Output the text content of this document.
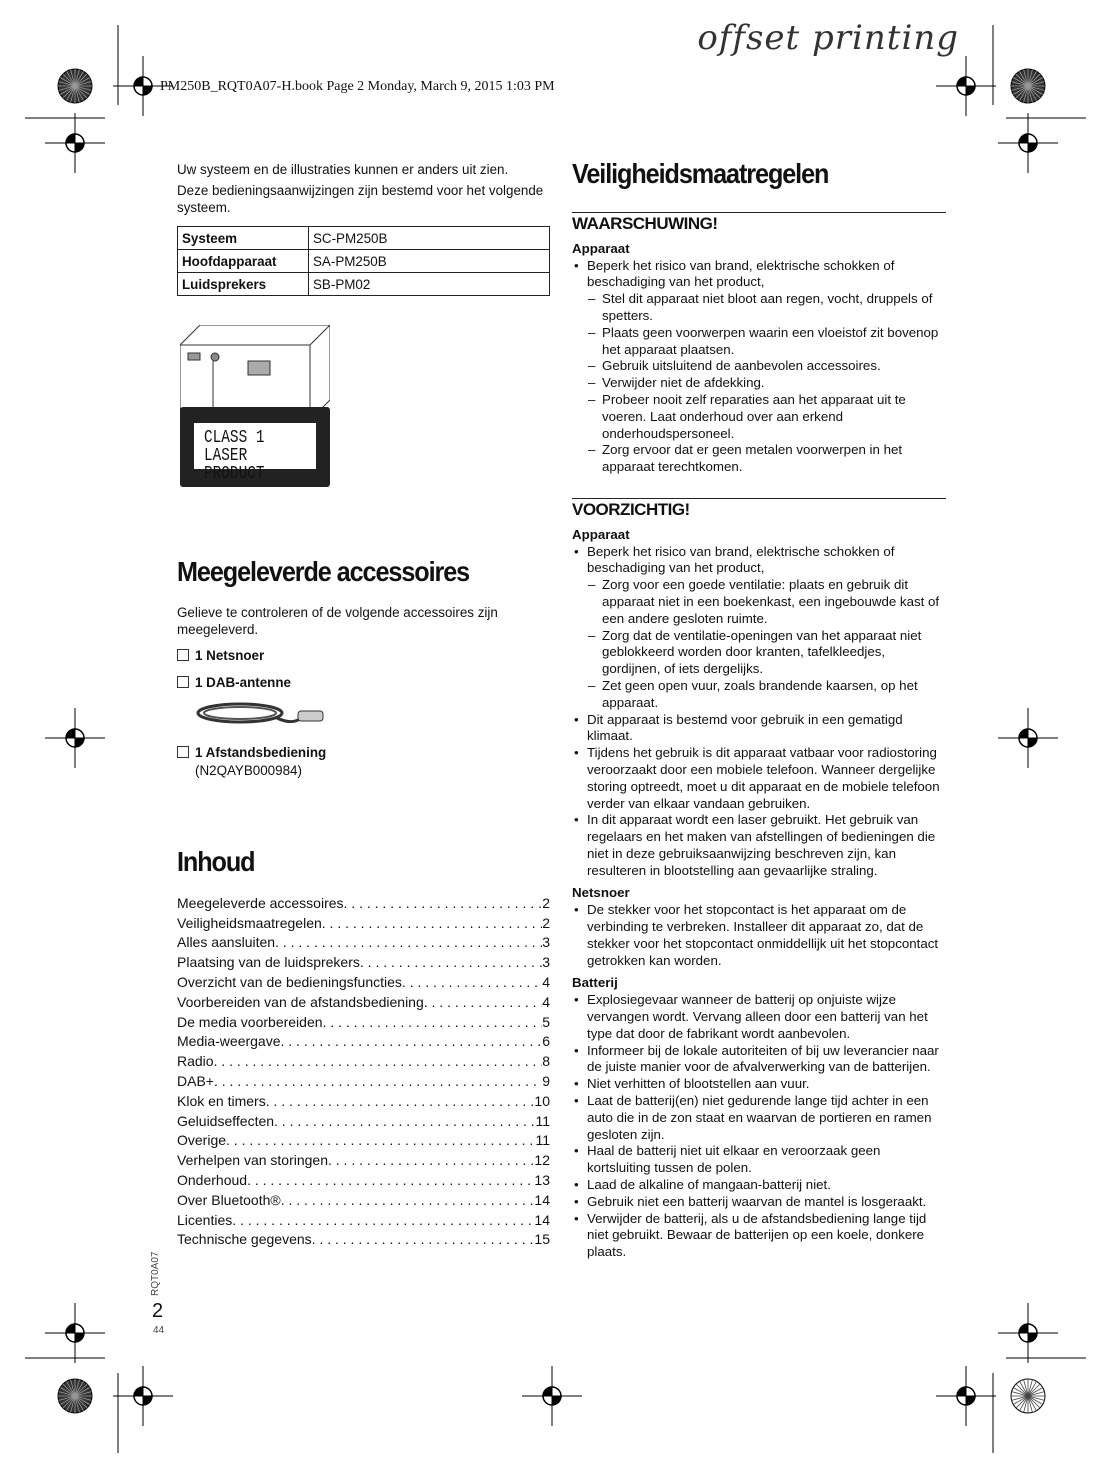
PM250B_RQT0A07-H.book Page 2 Monday, March 9, 2015 1:03 PM
offset printing
Uw systeem en de illustraties kunnen er anders uit zien.
Deze bedieningsaanwijzingen zijn bestemd voor het volgende systeem.
Systeem	SC-PM250B
Hoofdapparaat	SA-PM250B
Luidsprekers	SB-PM02
CLASS 1
LASER PRODUCT
Meegeleverde accessoires
Gelieve te controleren of de volgende accessoires zijn meegeleverd.
1 Netsnoer
1 DAB-antenne
1 Afstandsbediening
(N2QAYB000984)
Inhoud
Meegeleverde accessoires . . .	2
Veiligheidsmaatregelen . . .	2
Alles aansluiten . . .	3
Plaatsing van de luidsprekers . . .	3
Overzicht van de bedieningsfuncties . . .	4
Voorbereiden van de afstandsbediening . . .	4
De media voorbereiden . . .	5
Media-weergave . . .	6
Radio . . .	8
DAB+ . . .	9
Klok en timers . . .	10
Geluidseffecten . . .	11
Overige . . .	11
Verhelpen van storingen . . .	12
Onderhoud . . .	13
Over Bluetooth® . . .	14
Licenties . . .	14
Technische gegevens . . .	15
RQT0A07
2
44
Veiligheidsmaatregelen
WAARSCHUWING!
Apparaat
• Beperk het risico van brand, elektrische schokken of beschadiging van het product,
– Stel dit apparaat niet bloot aan regen, vocht, druppels of spetters.
– Plaats geen voorwerpen waarin een vloeistof zit bovenop het apparaat plaatsen.
– Gebruik uitsluitend de aanbevolen accessoires.
– Verwijder niet de afdekking.
– Probeer nooit zelf reparaties aan het apparaat uit te voeren. Laat onderhoud over aan erkend onderhoudspersoneel.
– Zorg ervoor dat er geen metalen voorwerpen in het apparaat terechtkomen.
VOORZICHTIG!
Apparaat
• Beperk het risico van brand, elektrische schokken of beschadiging van het product,
– Zorg voor een goede ventilatie: plaats en gebruik dit apparaat niet in een boekenkast, een ingebouwde kast of een andere gesloten ruimte.
– Zorg dat de ventilatie-openingen van het apparaat niet geblokkeerd worden door kranten, tafelkleedjes, gordijnen, of iets dergelijks.
– Zet geen open vuur, zoals brandende kaarsen, op het apparaat.
• Dit apparaat is bestemd voor gebruik in een gematigd klimaat.
• Tijdens het gebruik is dit apparaat vatbaar voor radiostoring veroorzaakt door een mobiele telefoon. Wanneer dergelijke storing optreedt, moet u dit apparaat en de mobiele telefoon verder van elkaar vandaan gebruiken.
• In dit apparaat wordt een laser gebruikt. Het gebruik van regelaars en het maken van afstellingen of bedieningen die niet in deze gebruiksaanwijzing beschreven zijn, kan resulteren in blootstelling aan gevaarlijke straling.
Netsnoer
• De stekker voor het stopcontact is het apparaat om de verbinding te verbreken. Installeer dit apparaat zo, dat de stekker voor het stopcontact onmiddellijk uit het stopcontact getrokken kan worden.
Batterij
• Explosiegevaar wanneer de batterij op onjuiste wijze vervangen wordt. Vervang alleen door een batterij van het type dat door de fabrikant wordt aanbevolen.
• Informeer bij de lokale autoriteiten of bij uw leverancier naar de juiste manier voor de afvalverwerking van de batterijen.
• Niet verhitten of blootstellen aan vuur.
• Laat de batterij(en) niet gedurende lange tijd achter in een auto die in de zon staat en waarvan de portieren en ramen gesloten zijn.
• Haal de batterij niet uit elkaar en veroorzaak geen kortsluiting tussen de polen.
• Laad de alkaline of mangaan-batterij niet.
• Gebruik niet een batterij waarvan de mantel is losgeraakt.
• Verwijder de batterij, als u de afstandsbediening lange tijd niet gebruikt. Bewaar de batterijen op een koele, donkere plaats.
